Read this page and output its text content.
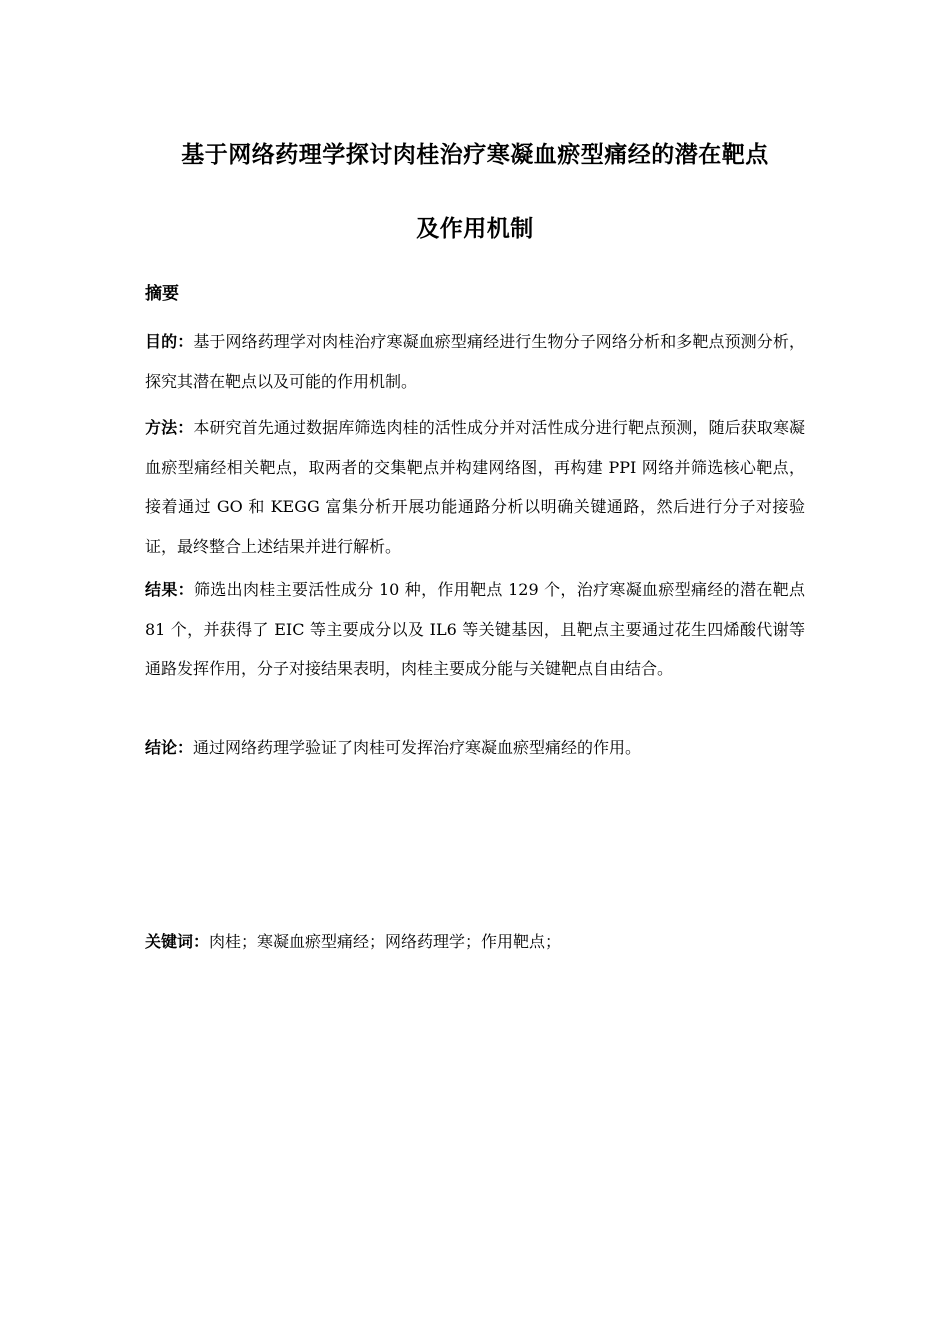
基于网络药理学探讨肉桂治疗寒凝血瘀型痛经的潜在靶点
及作用机制
摘要
目的：基于网络药理学对肉桂治疗寒凝血瘀型痛经进行生物分子网络分析和多靶点预测分析，探究其潜在靶点以及可能的作用机制。
方法：本研究首先通过数据库筛选肉桂的活性成分并对活性成分进行靶点预测，随后获取寒凝血瘀型痛经相关靶点，取两者的交集靶点并构建网络图，再构建 PPI 网络并筛选核心靶点，接着通过 GO 和 KEGG 富集分析开展功能通路分析以明确关键通路，然后进行分子对接验证，最终整合上述结果并进行解析。
结果：筛选出肉桂主要活性成分 10 种，作用靶点 129 个，治疗寒凝血瘀型痛经的潜在靶点 81 个，并获得了 EIC 等主要成分以及 IL6 等关键基因，且靶点主要通过花生四烯酸代谢等通路发挥作用，分子对接结果表明，肉桂主要成分能与关键靶点自由结合。
结论：通过网络药理学验证了肉桂可发挥治疗寒凝血瘀型痛经的作用。
关键词：肉桂；寒凝血瘀型痛经；网络药理学；作用靶点；
